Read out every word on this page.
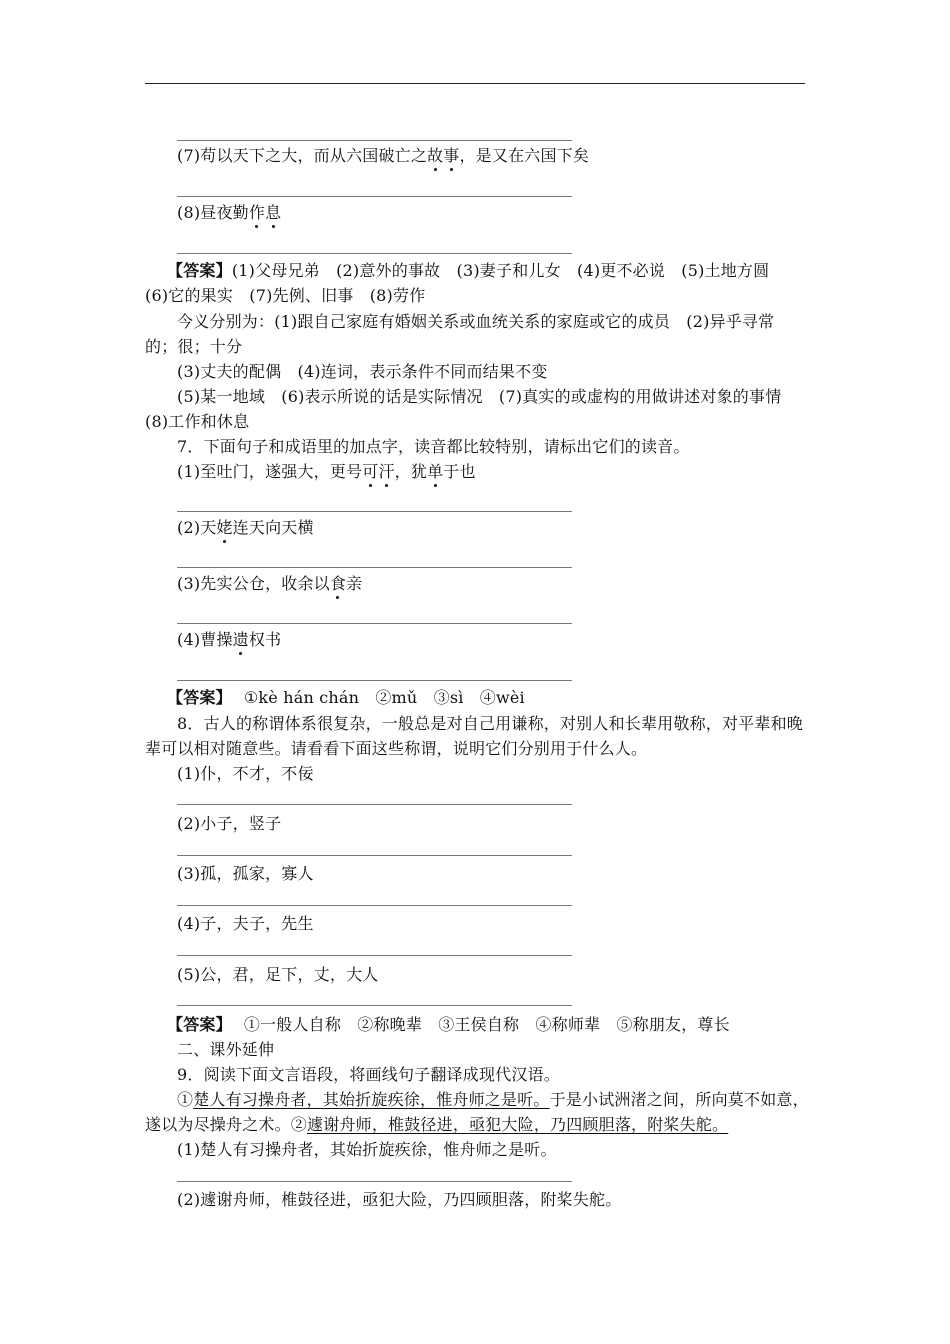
(7)苟以天下之大，而从六国破亡之故事，是又在六国下矣
(8)昼夜勤作息
【答案】(1)父母兄弟　(2)意外的事故　(3)妻子和儿女　(4)更不必说　(5)土地方圆
(6)它的果实　(7)先例、旧事　(8)劳作
今义分别为：(1)跟自己家庭有婚姻关系或血统关系的家庭或它的成员　(2)异乎寻常
的；很；十分
(3)丈夫的配偶　(4)连词，表示条件不同而结果不变
(5)某一地域　(6)表示所说的话是实际情况　(7)真实的或虚构的用做讲述对象的事情
(8)工作和休息
7．下面句子和成语里的加点字，读音都比较特别，请标出它们的读音。
(1)至吐门，遂强大，更号可汗，犹单于也
(2)天姥连天向天横
(3)先实公仓，收余以食亲
(4)曹操遗权书
【答案】 ①kè hán chán　②mǔ　③sì　④wèi
8．古人的称谓体系很复杂，一般总是对自己用谦称，对别人和长辈用敬称，对平辈和晚
辈可以相对随意些。请看看下面这些称谓，说明它们分别用于什么人。
(1)仆，不才，不佞
(2)小子，竖子
(3)孤，孤家，寡人
(4)子，夫子，先生
(5)公，君，足下，丈，大人
【答案】 ①一般人自称　②称晚辈　③王侯自称　④称师辈　⑤称朋友，尊长
二、课外延伸
9．阅读下面文言语段，将画线句子翻译成现代汉语。
①楚人有习操舟者，其始折旋疾徐，惟舟师之是听。于是小试洲渚之间，所向莫不如意，
遂以为尽操舟之术。②遽谢舟师，椎鼓径进，亟犯大险，乃四顾胆落，附桨失舵。
(1)楚人有习操舟者，其始折旋疾徐，惟舟师之是听。
(2)遽谢舟师，椎鼓径进，亟犯大险，乃四顾胆落，附桨失舵。
